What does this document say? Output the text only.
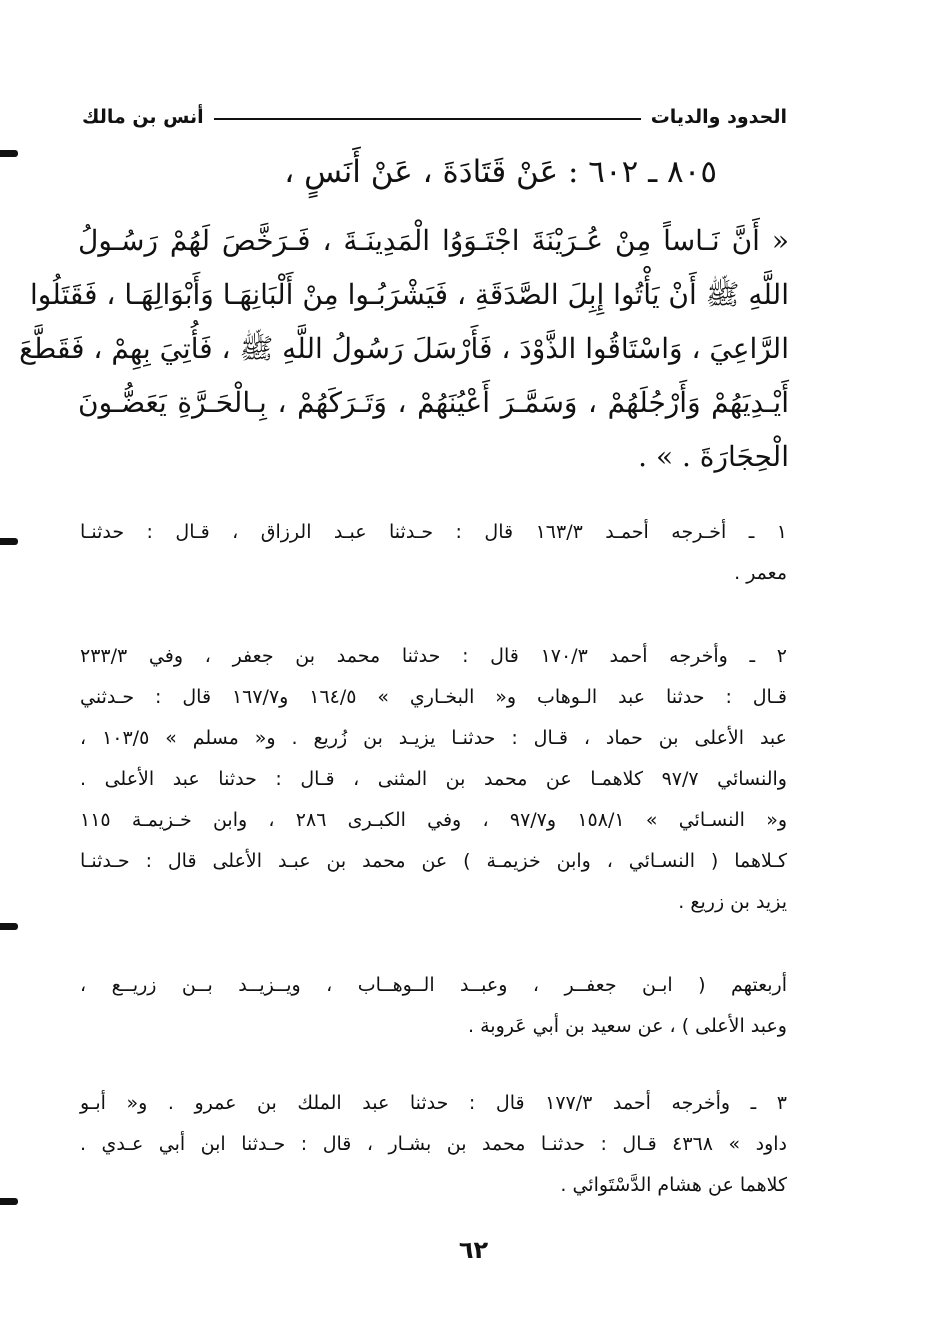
الحدود والديات
أنس بن مالك
٨٠٥ ـ ٦٠٢ : عَنْ قَتَادَةَ ، عَنْ أَنَسٍ ،
« أَنَّ نَـاساً مِنْ عُـرَيْنَةَ اجْتَـوَوُا الْمَدِينَـةَ ، فَـرَخَّصَ لَهُمْ رَسُـولُ
اللَّهِ ﷺ أَنْ يَأْتُوا إِبِلَ الصَّدَقَةِ ، فَيَشْرَبُـوا مِنْ أَلْبَانِهَـا وَأَبْوَالِهَـا ، فَقَتَلُوا
الرَّاعِيَ ، وَاسْتَاقُوا الذَّوْدَ ، فَأَرْسَلَ رَسُولُ اللَّهِ ﷺ ، فَأُتِيَ بِهِمْ ، فَقَطَّعَ
أَيْـدِيَهُمْ وَأَرْجُلَهُمْ ، وَسَمَّـرَ أَعْيُنَهُمْ ، وَتَـرَكَهُمْ ، بِـالْحَـرَّةِ يَعَضُّـونَ
الْحِجَارَةَ . » .
١ ـ أخـرجه أحمـد ١٦٣/٣ قال : حـدثنا عبـد الرزاق ، قـال : حدثنـا
معمر .
٢ ـ وأخرجه أحمد ١٧٠/٣ قال : حدثنا محمد بن جعفر ، وفي ٢٣٣/٣
قـال : حدثنا عبد الـوهاب و« البخـاري » ١٦٤/٥ و١٦٧/٧ قال : حـدثني
عبد الأعلى بن حماد ، قـال : حدثنـا يزيـد بن زُريع . و« مسلم » ١٠٣/٥ ،
والنسائي ٩٧/٧ كلاهمـا عن محمد بن المثنى ، قـال : حدثنا عبد الأعلى .
و« النسـائي » ١٥٨/١ و٩٧/٧ ، وفي الكبـرى ٢٨٦ ، وابن خـزيمـة ١١٥
كـلاهما ( النسـائي ، وابن خزيمـة ) عن محمد بن عبـد الأعلى قال : حـدثنـا
يزيد بن زريع .
أربعتهم ( ابـن جعفــر ، وعبــد الــوهــاب ، ويــزيــد بــن زريــع ،
وعبد الأعلى ) ، عن سعيد بن أبي عَروبة .
٣ ـ وأخرجه أحمد ١٧٧/٣ قال : حدثنا عبد الملك بن عمرو . و« أبـو
داود » ٤٣٦٨ قـال : حدثنـا محمد بن بشـار ، قال : حـدثنا ابن أبي عـدي .
كلاهما عن هشام الدَّسْتَوائي .
٦٢
